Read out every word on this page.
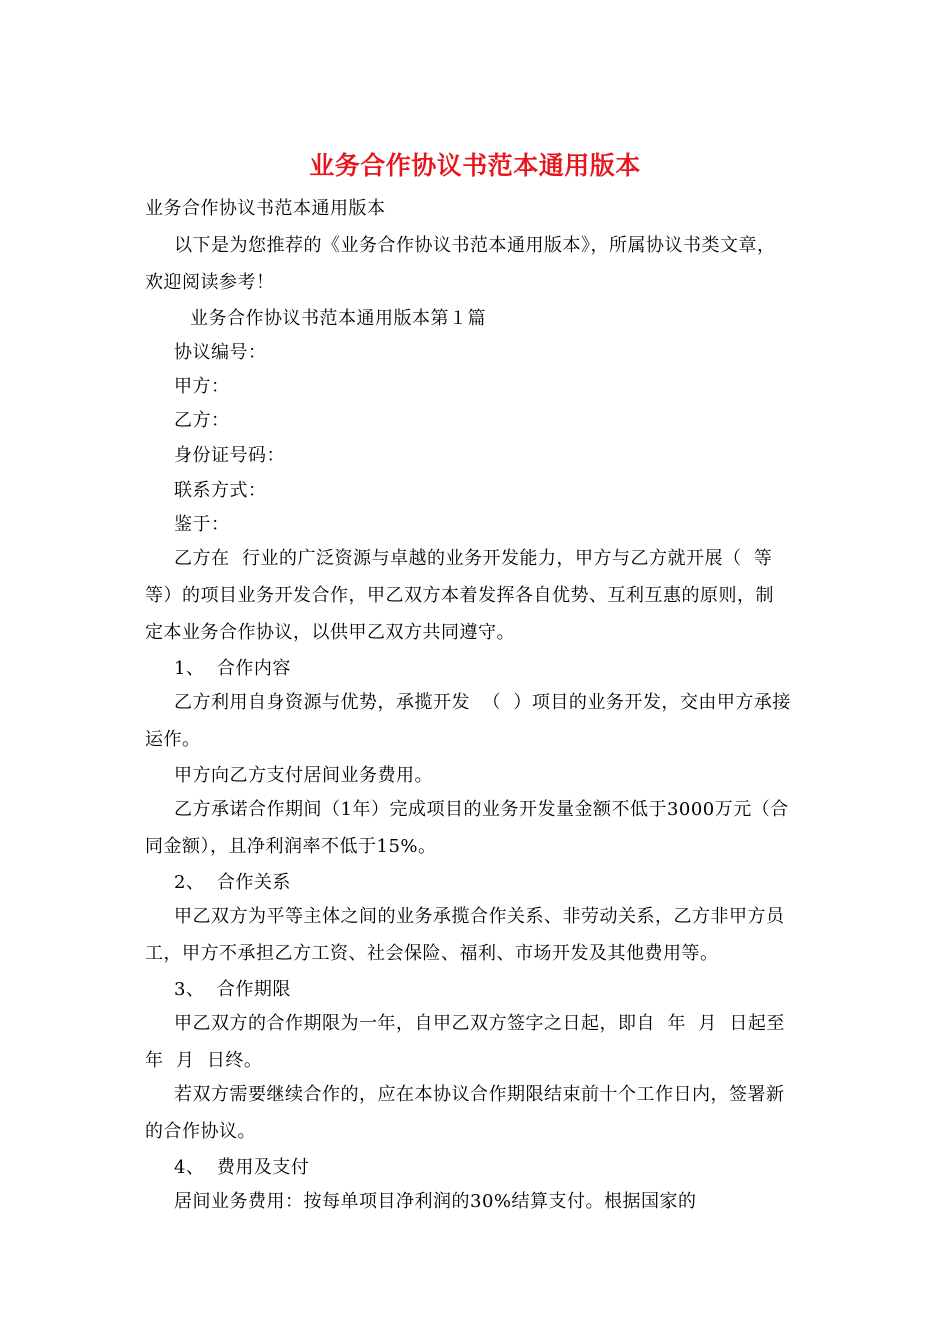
业务合作协议书范本通用版本
业务合作协议书范本通用版本
以下是为您推荐的《业务合作协议书范本通用版本》，所属协议书类文章，
欢迎阅读参考！
业务合作协议书范本通用版本第１篇
协议编号：
甲方：
乙方：
身份证号码：
联系方式：
鉴于：
乙方在  行业的广泛资源与卓越的业务开发能力，甲方与乙方就开展（  等
等）的项目业务开发合作，甲乙双方本着发挥各自优势、互利互惠的原则，制
定本业务合作协议，以供甲乙双方共同遵守。
1、  合作内容
乙方利用自身资源与优势，承揽开发  （  ）项目的业务开发，交由甲方承接
运作。
甲方向乙方支付居间业务费用。
乙方承诺合作期间（1年）完成项目的业务开发量金额不低于3000万元（合
同金额），且净利润率不低于15%。
2、  合作关系
甲乙双方为平等主体之间的业务承揽合作关系、非劳动关系，乙方非甲方员
工，甲方不承担乙方工资、社会保险、福利、市场开发及其他费用等。
3、  合作期限
甲乙双方的合作期限为一年，自甲乙双方签字之日起，即自  年  月  日起至
年  月  日终。
若双方需要继续合作的，应在本协议合作期限结束前十个工作日内，签署新
的合作协议。
4、  费用及支付
居间业务费用：按每单项目净利润的30%结算支付。根据国家的
